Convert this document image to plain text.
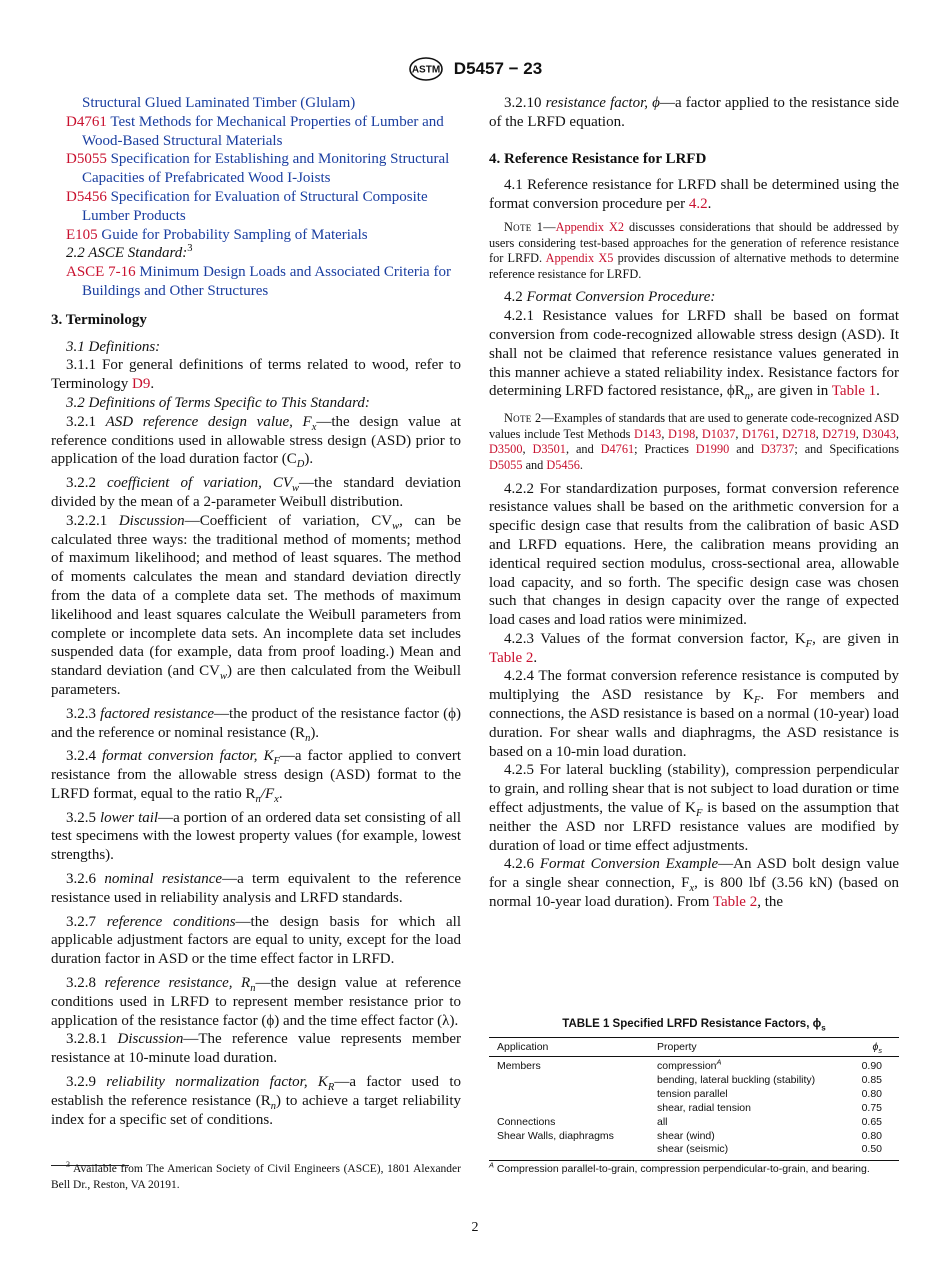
ASTM D5457 − 23

Structural Glued Laminated Timber (Glulam)

D4761 Test Methods for Mechanical Properties of Lumber and Wood-Based Structural Materials

D5055 Specification for Establishing and Monitoring Structural Capacities of Prefabricated Wood I-Joists

D5456 Specification for Evaluation of Structural Composite Lumber Products

E105 Guide for Probability Sampling of Materials

2.2 ASCE Standard:$^3$

ASCE 7-16 Minimum Design Loads and Associated Criteria for Buildings and Other Structures

3. Terminology

3.1 Definitions:

3.1.1 For general definitions of terms related to wood, refer to Terminology D9.

3.2 Definitions of Terms Specific to This Standard:

3.2.1 ASD reference design value, $F_x—the$ design value at reference conditions used in allowable stress design (ASD) prior to application of the load duration factor $(C_D)$.

3.2.2 coefficient of variation, $CV_w—the$ standard deviation divided by the mean of a 2-parameter Weibull distribution.

3.2.2.1 Discussion—Coefficient of variation, $CV_w$, can be calculated three ways: the traditional method of moments; method of maximum likelihood; and method of least squares. The method of moments calculates the mean and standard deviation directly from the data of a complete data set. The methods of maximum likelihood and least squares calculate the Weibull parameters from complete or incomplete data sets. An incomplete data set includes suspended data (for example, data from proof loading.) Mean and standard deviation (and $CV_w$) are then calculated from the Weibull parameters.

3.2.3 factored resistance—the product of the resistance factor (ϕ) and the reference or nominal resistance $(R_n)$.

3.2.4 format conversion factor, $K_F—a$ factor applied to convert resistance from the allowable stress design (ASD) format to the LRFD format, equal to the ratio $R_n/F_x$.

3.2.5 lower tail—a portion of an ordered data set consisting of all test specimens with the lowest property values (for example, lowest strengths).

3.2.6 nominal resistance—a term equivalent to the reference resistance used in reliability analysis and LRFD standards.

3.2.7 reference conditions—the design basis for which all applicable adjustment factors are equal to unity, except for the load duration factor in ASD or the time effect factor in LRFD.

3.2.8 reference resistance, $R_n—the$ design value at reference conditions used in LRFD to represent member resistance prior to application of the resistance factor (ϕ) and the time effect factor (λ).

3.2.8.1 Discussion—The reference value represents member resistance at 10-minute load duration.

3.2.9 reliability normalization factor, $K_R—a$ factor used to establish the reference resistance $(R_n)$ to achieve a target reliability index for a specific set of conditions.

3.2.10 resistance factor, ϕ—a factor applied to the resistance side of the LRFD equation.

4. Reference Resistance for LRFD

4.1 Reference resistance for LRFD shall be determined using the format conversion procedure per 4.2.

Note 1—Appendix X2 discusses considerations that should be addressed by users considering test-based approaches for the generation of reference resistance for LRFD. Appendix X5 provides discussion of alternative methods to determine reference resistance for LRFD.

4.2 Format Conversion Procedure:

4.2.1 Resistance values for LRFD shall be based on format conversion from code-recognized allowable stress design (ASD). It shall not be claimed that reference resistance values generated in this manner achieve a stated reliability index. Resistance factors for determining LRFD factored resistance, $\phi R_n$, are given in Table 1.

Note 2—Examples of standards that are used to generate code-recognized ASD values include Test Methods D143, D198, D1037, D1761, D2718, D2719, D3043, D3500, D3501, and D4761; Practices D1990 and D3737; and Specifications D5055 and D5456.

4.2.2 For standardization purposes, format conversion reference resistance values shall be based on the arithmetic conversion for a specific design case that results from the calibration of basic ASD and LRFD equations. Here, the calibration means providing an identical required section modulus, cross-sectional area, allowable load capacity, and so forth. The specific design case was chosen such that changes in design capacity over the range of expected load cases and load ratios were minimized.

4.2.3 Values of the format conversion factor, $K_F$, are given in Table 2.

4.2.4 The format conversion reference resistance is computed by multiplying the ASD resistance by $K_F$. For members and connections, the ASD resistance is based on a normal (10-year) load duration. For shear walls and diaphragms, the ASD resistance is based on a 10-min load duration.

4.2.5 For lateral buckling (stability), compression perpendicular to grain, and rolling shear that is not subject to load duration or time effect adjustments, the value of $K_F$ is based on the assumption that neither the ASD nor LRFD resistance values are modified by duration of load or time effect adjustments.

4.2.6 Format Conversion Example—An ASD bolt design value for a single shear connection, $F_x$, is 800 lbf (3.56 kN) (based on normal 10-year load duration). From Table 2, the

TABLE 1 Specified LRFD Resistance Factors, $\phi_s$
Application	Property	$\phi_s$
Members	compression$^A$	0.90
	bending, lateral buckling (stability)	0.85
	tension parallel	0.80
	shear, radial tension	0.75
Connections	all	0.65
Shear Walls, diaphragms	shear (wind)	0.80
	shear (seismic)	0.50
$^A$ Compression parallel-to-grain, compression perpendicular-to-grain, and bearing.
$^3$ Available from The American Society of Civil Engineers (ASCE), 1801 Alexander Bell Dr., Reston, VA 20191.
2
